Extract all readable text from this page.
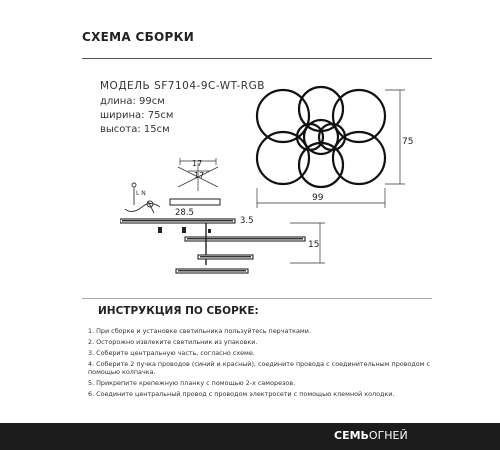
СХЕМА СБОРКИ
МОДЕЛЬ SF7104-9C-WT-RGB
длина: 99см
ширина: 75см
высота: 15см
75
99
17
17
L N
28.5
3.5
15
ИНСТРУКЦИЯ ПО СБОРКЕ:
1. При сборке и установке светильника пользуйтесь перчатками.
2. Осторожно извлеките светильник из упаковки.
3. Соберите центральную часть, согласно схеме.
4. Соберите 2 пучка проводов (синий и красный), соедините провода с соединительным проводом с помощью колпачка.
5. Прикрепите крепежную планку с помощью 2-х саморезов.
6. Соедините центральный провод с проводом электросети с помощью клемной колодки.
СЕМЬОГНЕЙ
